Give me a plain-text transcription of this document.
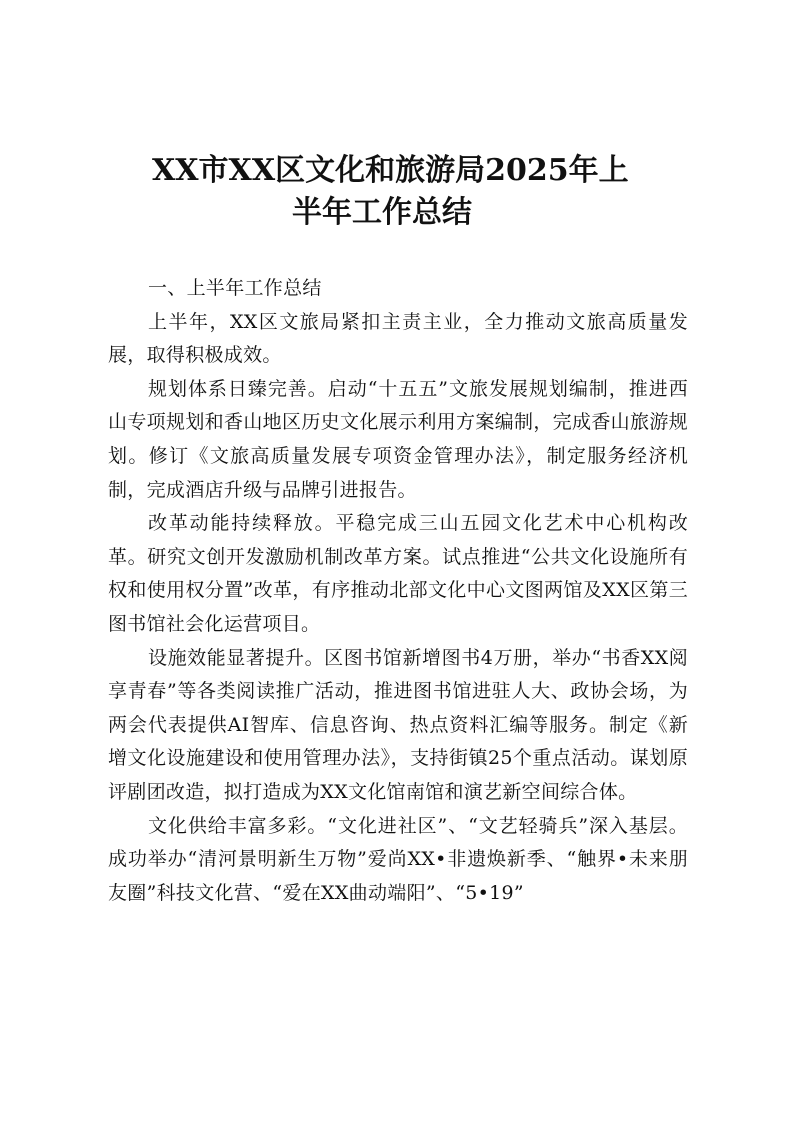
XX市XX区文化和旅游局2025年上
半年工作总结
一、上半年工作总结

上半年，XX区文旅局紧扣主责主业，全力推动文旅高质量发展，取得积极成效。

规划体系日臻完善。启动“十五五”文旅发展规划编制，推进西山专项规划和香山地区历史文化展示利用方案编制，完成香山旅游规划。修订《文旅高质量发展专项资金管理办法》，制定服务经济机制，完成酒店升级与品牌引进报告。

改革动能持续释放。平稳完成三山五园文化艺术中心机构改革。研究文创开发激励机制改革方案。试点推进“公共文化设施所有权和使用权分置”改革，有序推动北部文化中心文图两馆及XX区第三图书馆社会化运营项目。

设施效能显著提升。区图书馆新增图书4万册，举办“书香XX阅享青春”等各类阅读推广活动，推进图书馆进驻人大、政协会场，为两会代表提供AI智库、信息咨询、热点资料汇编等服务。制定《新增文化设施建设和使用管理办法》，支持街镇25个重点活动。谋划原评剧团改造，拟打造成为XX文化馆南馆和演艺新空间综合体。

文化供给丰富多彩。“文化进社区”、“文艺轻骑兵”深入基层。成功举办“清河景明新生万物”爱尚XX•非遗焕新季、“触界•未来朋友圈”科技文化营、“爱在XX曲动端阳”、“5•19”
